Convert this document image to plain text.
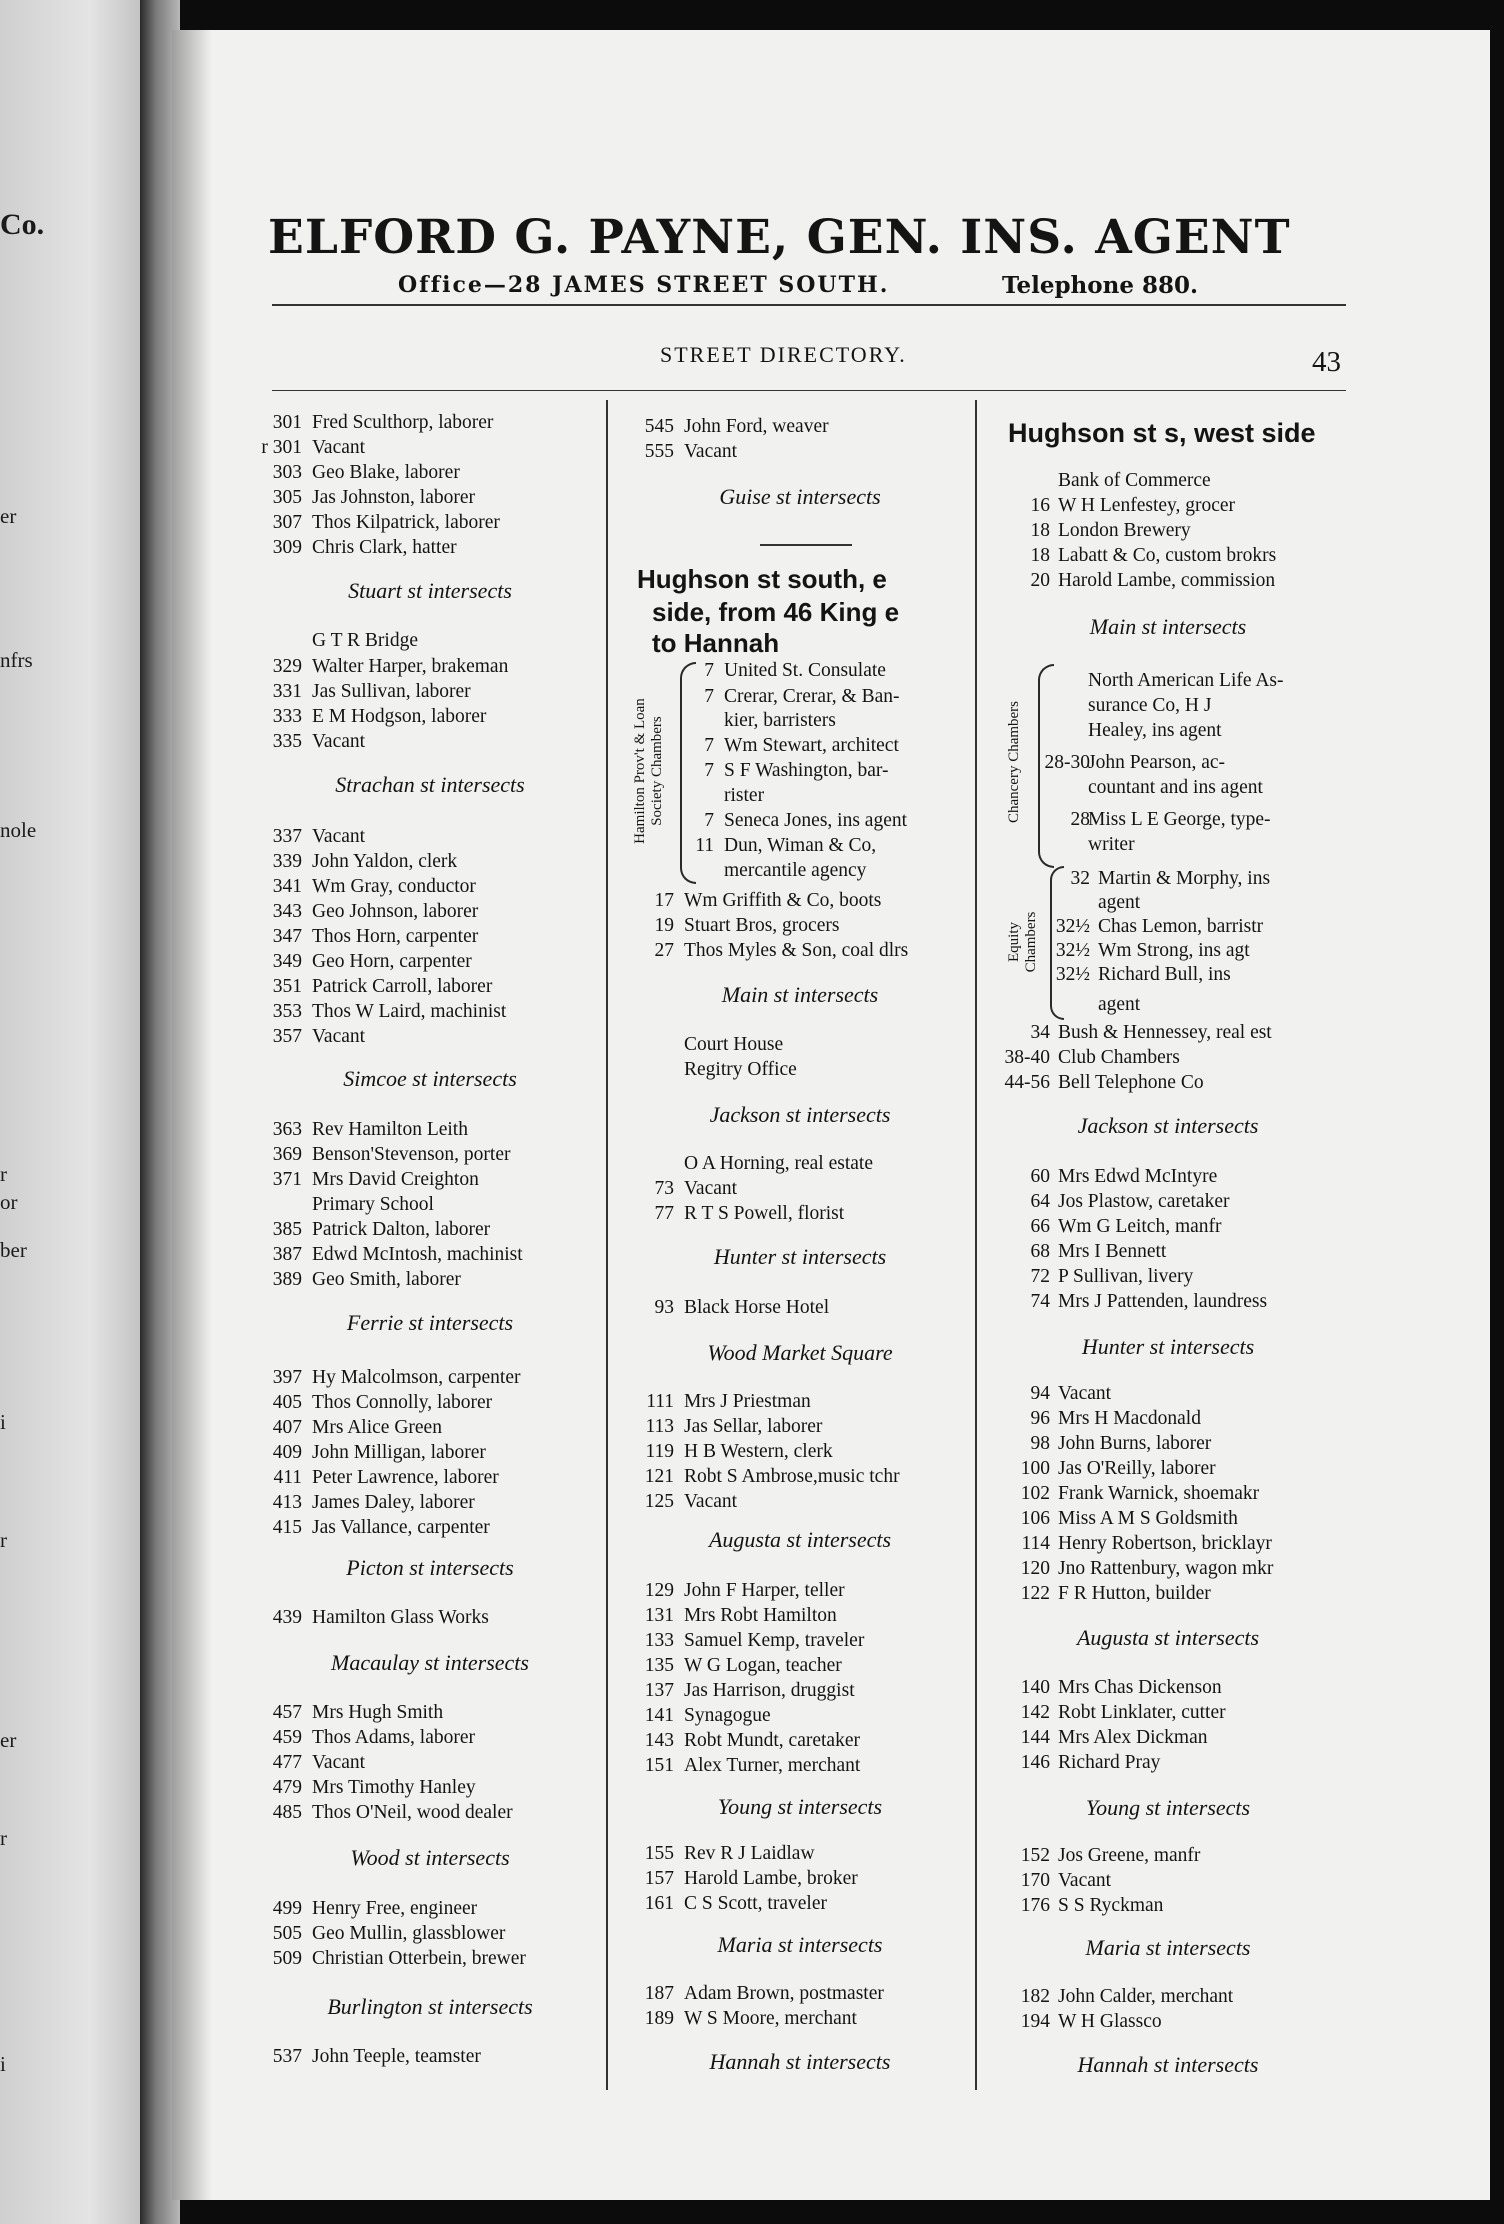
Co.
er
nfrs
nole
r
or
ber
i
r
er
r
i
ELFORD G. PAYNE, GEN. INS. AGENT
Office—28 JAMES STREET SOUTH.	Telephone 880.
STREET DIRECTORY.	43
301 Fred Sculthorp, laborer
r 301 Vacant
303 Geo Blake, laborer
305 Jas Johnston, laborer
307 Thos Kilpatrick, laborer
309 Chris Clark, hatter
G T R Bridge
329 Walter Harper, brakeman
331 Jas Sullivan, laborer
333 E M Hodgson, laborer
335 Vacant
337 Vacant
339 John Yaldon, clerk
341 Wm Gray, conductor
343 Geo Johnson, laborer
347 Thos Horn, carpenter
349 Geo Horn, carpenter
351 Patrick Carroll, laborer
353 Thos W Laird, machinist
357 Vacant
363 Rev Hamilton Leith
369 Benson'Stevenson, porter
371 Mrs David Creighton
Primary School
385 Patrick Dalton, laborer
387 Edwd McIntosh, machinist
389 Geo Smith, laborer
397 Hy Malcolmson, carpenter
405 Thos Connolly, laborer
407 Mrs Alice Green
409 John Milligan, laborer
411 Peter Lawrence, laborer
413 James Daley, laborer
415 Jas Vallance, carpenter
439 Hamilton Glass Works
457 Mrs Hugh Smith
459 Thos Adams, laborer
477 Vacant
479 Mrs Timothy Hanley
485 Thos O'Neil, wood dealer
499 Henry Free, engineer
505 Geo Mullin, glassblower
509 Christian Otterbein, brewer
537 John Teeple, teamster
Stuart st intersects
Strachan st intersects
Simcoe st intersects
Ferrie st intersects
Picton st intersects
Macaulay st intersects
Wood st intersects
Burlington st intersects
Hughson st south, e
side, from 46 King e
to Hannah
Hamilton Prov't & Loan Society Chambers
545 John Ford, weaver
555 Vacant
17 Wm Griffith & Co, boots
19 Stuart Bros, grocers
27 Thos Myles & Son, coal dlrs
Court House
Regitry Office
O A Horning, real estate
73 Vacant
77 R T S Powell, florist
93 Black Horse Hotel
111 Mrs J Priestman
113 Jas Sellar, laborer
119 H B Western, clerk
121 Robt S Ambrose,music tchr
125 Vacant
129 John F Harper, teller
131 Mrs Robt Hamilton
133 Samuel Kemp, traveler
135 W G Logan, teacher
137 Jas Harrison, druggist
141 Synagogue
143 Robt Mundt, caretaker
151 Alex Turner, merchant
155 Rev R J Laidlaw
157 Harold Lambe, broker
161 C S Scott, traveler
187 Adam Brown, postmaster
189 W S Moore, merchant
7 United St. Consulate
7 Crerar, Crerar, & Ban-
kier, barristers
7 Wm Stewart, architect
7 S F Washington, bar-
rister
7 Seneca Jones, ins agent
11 Dun, Wiman & Co,
mercantile agency
Guise st intersects
Main st intersects
Jackson st intersects
Hunter st intersects
Wood Market Square
Augusta st intersects
Young st intersects
Maria st intersects
Hannah st intersects
Hughson st s, west side
Chancery Chambers
Equity Chambers
Bank of Commerce
16 W H Lenfestey, grocer
18 London Brewery
18 Labatt & Co, custom brokrs
20 Harold Lambe, commission
34 Bush & Hennessey, real est
38-40 Club Chambers
44-56 Bell Telephone Co
60 Mrs Edwd McIntyre
64 Jos Plastow, caretaker
66 Wm G Leitch, manfr
68 Mrs I Bennett
72 P Sullivan, livery
74 Mrs J Pattenden, laundress
94 Vacant
96 Mrs H Macdonald
98 John Burns, laborer
100 Jas O'Reilly, laborer
102 Frank Warnick, shoemakr
106 Miss A M S Goldsmith
114 Henry Robertson, bricklayr
120 Jno Rattenbury, wagon mkr
122 F R Hutton, builder
140 Mrs Chas Dickenson
142 Robt Linklater, cutter
144 Mrs Alex Dickman
146 Richard Pray
152 Jos Greene, manfr
170 Vacant
176 S S Ryckman
182 John Calder, merchant
194 W H Glassco
North American Life As-
surance Co, H J
Healey, ins agent
28-30John Pearson, ac-
countant and ins agent
28Miss L E George, type-
writer
32 Martin & Morphy, ins
agent
32½ Chas Lemon, barristr
32½ Wm Strong, ins agt
32½ Richard Bull, ins
agent
Main st intersects
Jackson st intersects
Hunter st intersects
Augusta st intersects
Young st intersects
Maria st intersects
Hannah st intersects
